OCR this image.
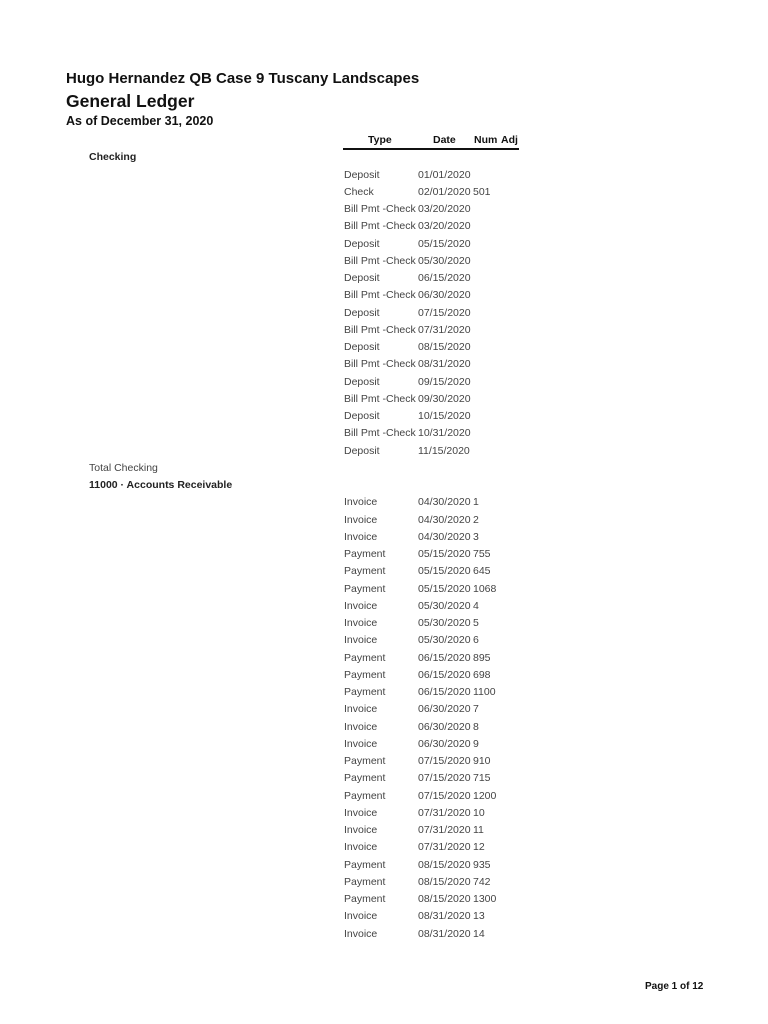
Hugo Hernandez QB Case 9 Tuscany Landscapes
General Ledger
As of December 31, 2020
Type	Date Num Adj
Checking
Deposit	01/01/2020
Check	02/01/2020 501
Bill Pmt -Check 03/20/2020
Bill Pmt -Check 03/20/2020
Deposit	05/15/2020
Bill Pmt -Check 05/30/2020
Deposit	06/15/2020
Bill Pmt -Check 06/30/2020
Deposit	07/15/2020
Bill Pmt -Check 07/31/2020
Deposit	08/15/2020
Bill Pmt -Check 08/31/2020
Deposit	09/15/2020
Bill Pmt -Check 09/30/2020
Deposit	10/15/2020
Bill Pmt -Check 10/31/2020
Deposit	11/15/2020
Total Checking
11000 · Accounts Receivable
Invoice	04/30/2020 1
Invoice	04/30/2020 2
Invoice	04/30/2020 3
Payment	05/15/2020 755
Payment	05/15/2020 645
Payment	05/15/2020 1068
Invoice	05/30/2020 4
Invoice	05/30/2020 5
Invoice	05/30/2020 6
Payment	06/15/2020 895
Payment	06/15/2020 698
Payment	06/15/2020 1100
Invoice	06/30/2020 7
Invoice	06/30/2020 8
Invoice	06/30/2020 9
Payment	07/15/2020 910
Payment	07/15/2020 715
Payment	07/15/2020 1200
Invoice	07/31/2020 10
Invoice	07/31/2020 11
Invoice	07/31/2020 12
Payment	08/15/2020 935
Payment	08/15/2020 742
Payment	08/15/2020 1300
Invoice	08/31/2020 13
Invoice	08/31/2020 14
Page 1 of 12
